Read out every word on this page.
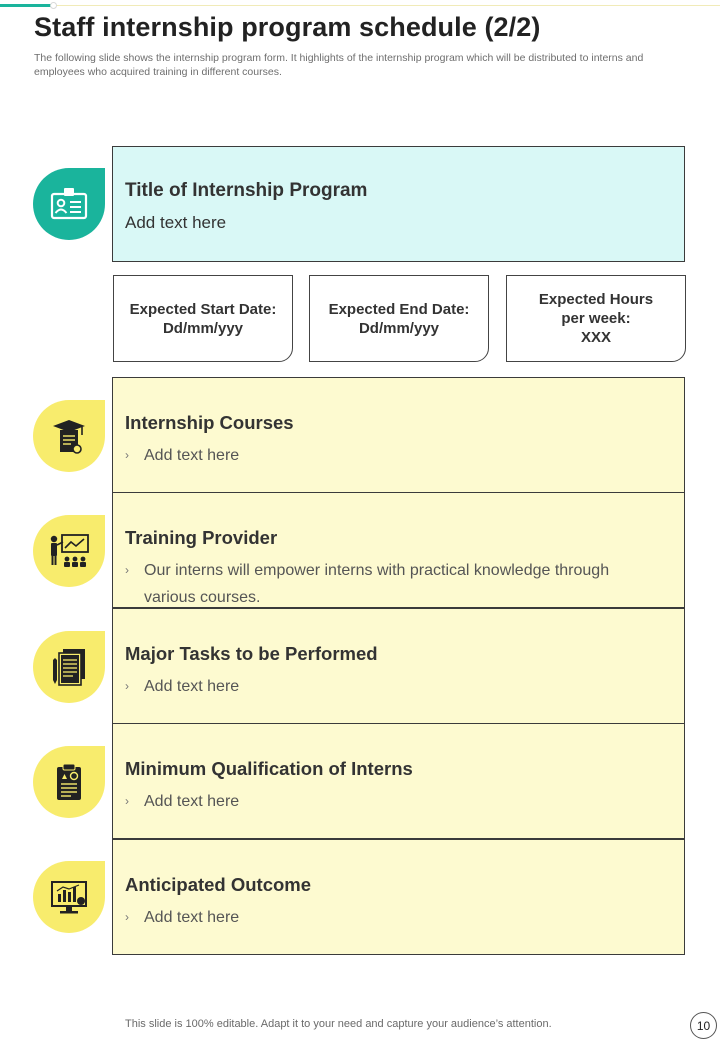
Staff internship program schedule (2/2)
The following slide shows the internship program form. It highlights of the internship program which will be distributed to interns and employees who acquired training in different courses.
Title of Internship Program
Add text here
Expected Start Date:
Dd/mm/yyy
Expected End Date:
Dd/mm/yyy
Expected Hours
per week:
XXX
Internship Courses
› Add text here
Training Provider
› Our interns will empower interns with practical knowledge through various courses.
Major Tasks to be Performed
› Add text here
Minimum Qualification of Interns
› Add text here
Anticipated Outcome
› Add text here
This slide is 100% editable. Adapt it to your need and capture your audience’s attention.	10
